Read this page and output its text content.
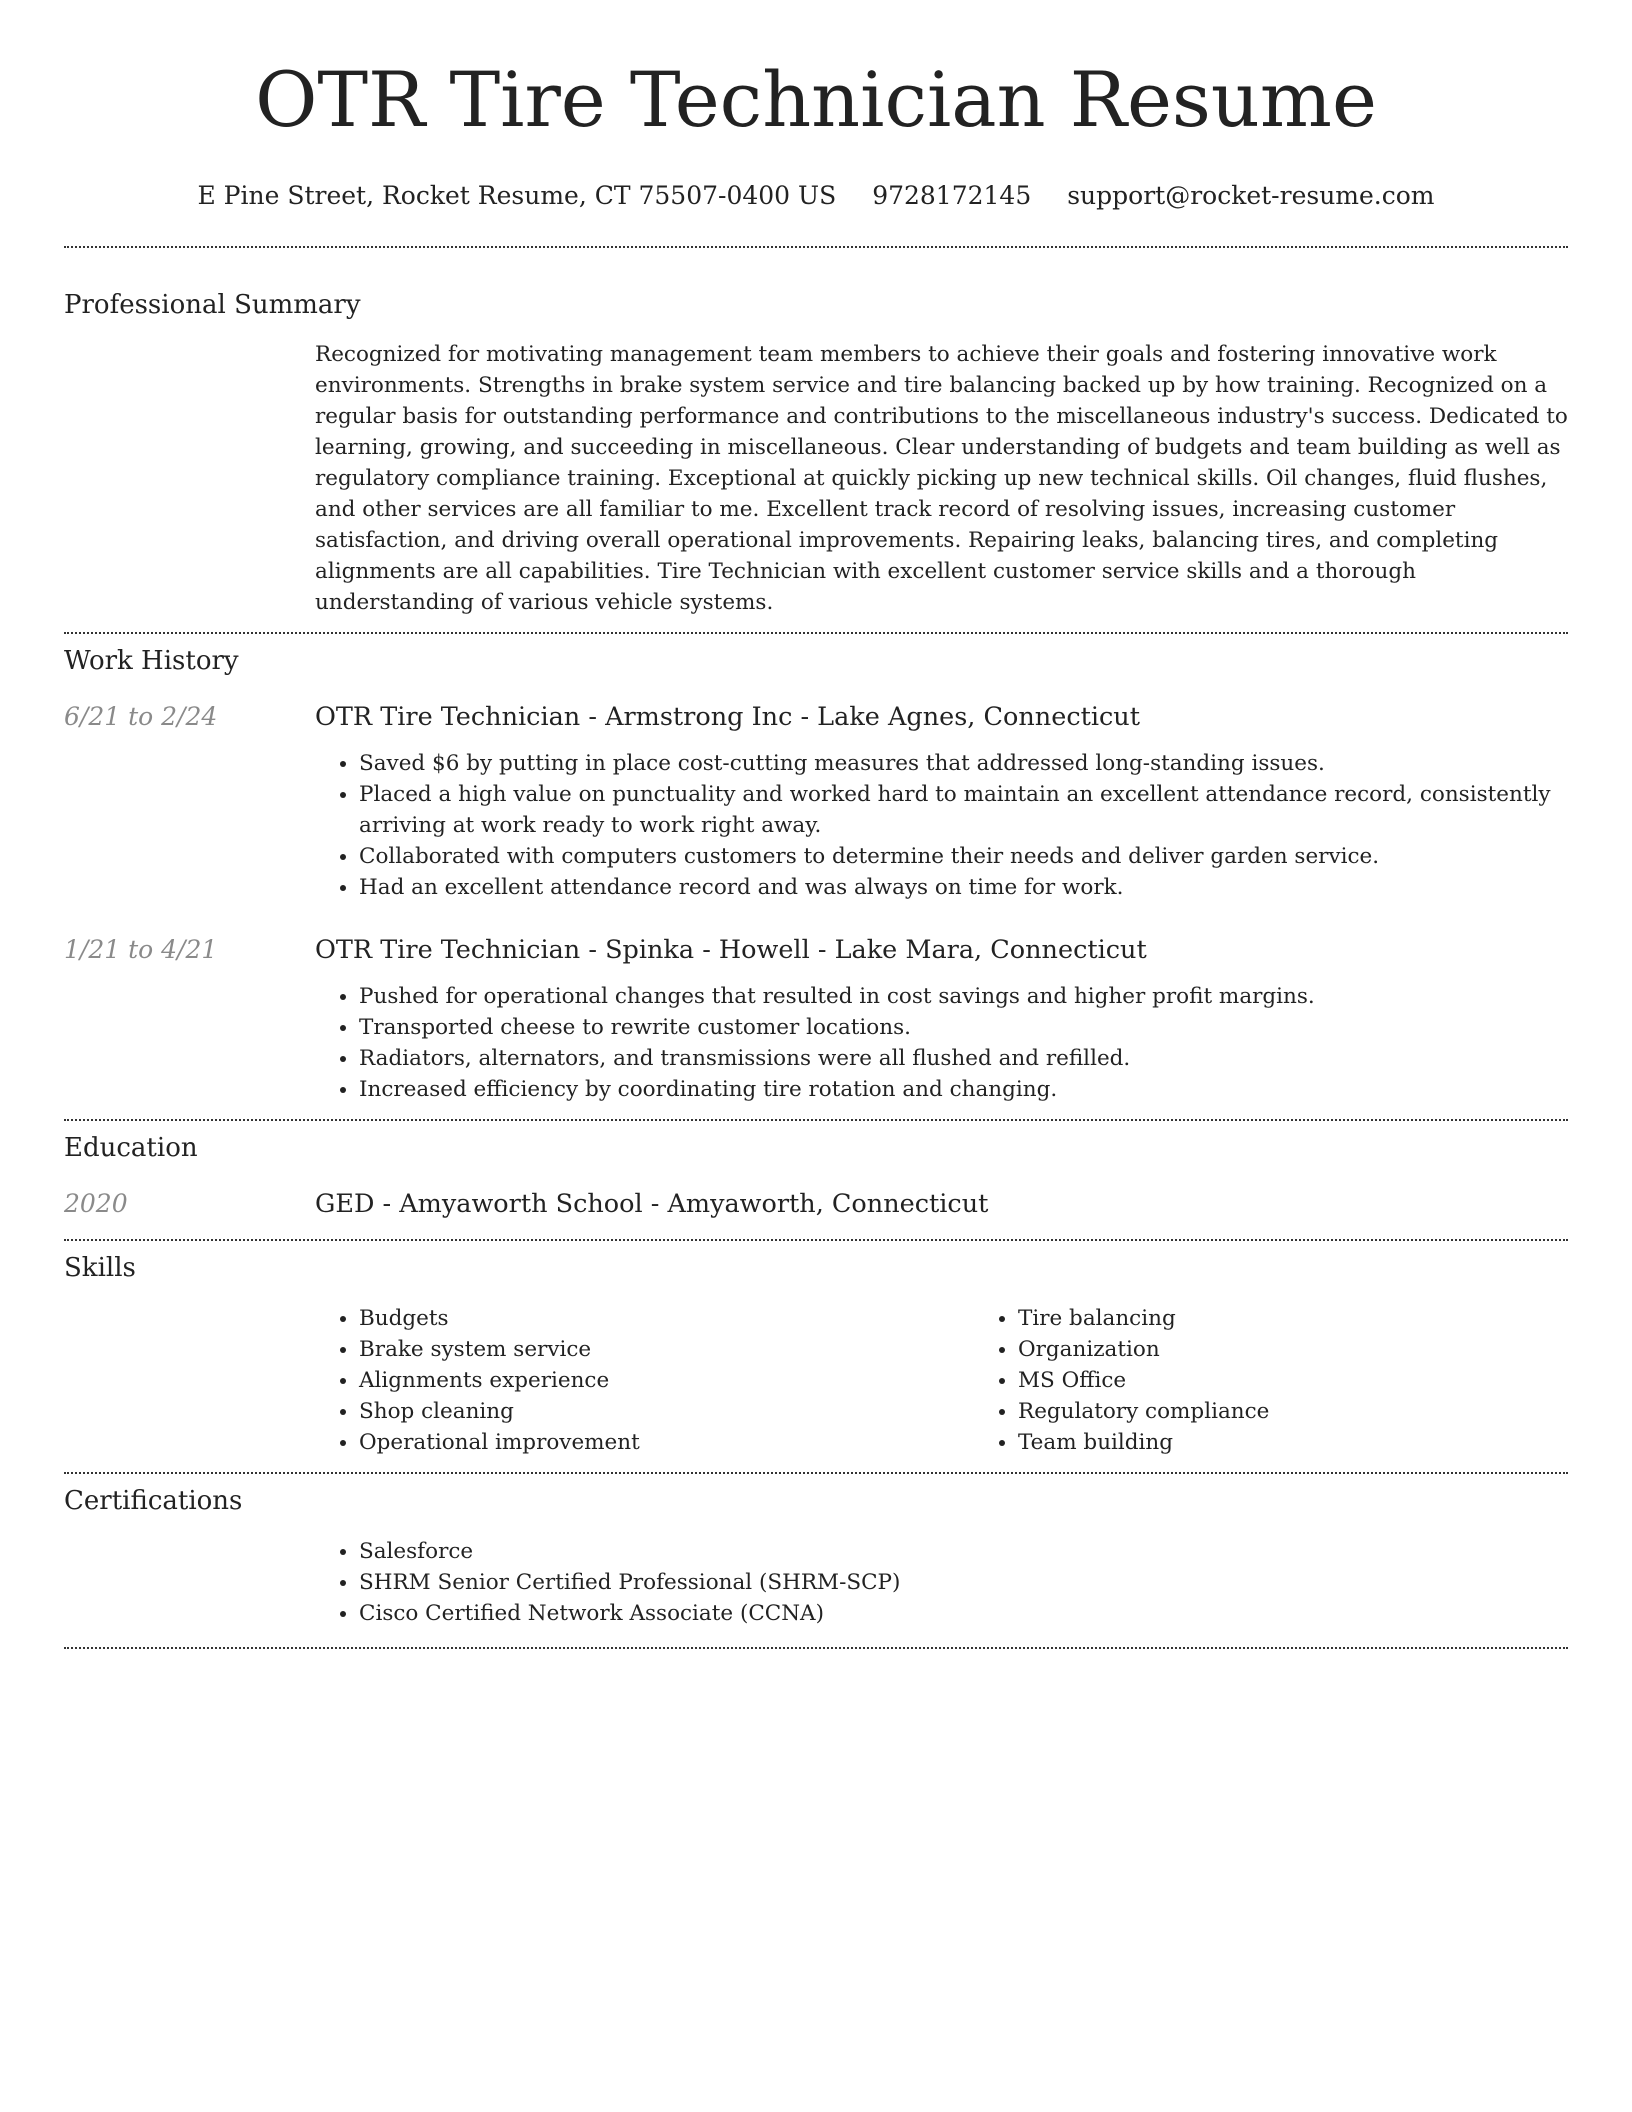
OTR Tire Technician Resume
E Pine Street, Rocket Resume, CT 75507-0400 US 9728172145 support@rocket-resume.com
Professional Summary

Recognized for motivating management team members to achieve their goals and fostering innovative work environments. Strengths in brake system service and tire balancing backed up by how training. Recognized on a regular basis for outstanding performance and contributions to the miscellaneous industry's success. Dedicated to learning, growing, and succeeding in miscellaneous. Clear understanding of budgets and team building as well as regulatory compliance training. Exceptional at quickly picking up new technical skills. Oil changes, fluid flushes, and other services are all familiar to me. Excellent track record of resolving issues, increasing customer satisfaction, and driving overall operational improvements. Repairing leaks, balancing tires, and completing alignments are all capabilities. Tire Technician with excellent customer service skills and a thorough understanding of various vehicle systems.

Work History
6/21 to 2/24	OTR Tire Technician - Armstrong Inc - Lake Agnes, Connecticut
• Saved $6 by putting in place cost-cutting measures that addressed long-standing issues.
• Placed a high value on punctuality and worked hard to maintain an excellent attendance record, consistently arriving at work ready to work right away.
• Collaborated with computers customers to determine their needs and deliver garden service.
• Had an excellent attendance record and was always on time for work.
1/21 to 4/21	OTR Tire Technician - Spinka - Howell - Lake Mara, Connecticut
• Pushed for operational changes that resulted in cost savings and higher profit margins.
• Transported cheese to rewrite customer locations.
• Radiators, alternators, and transmissions were all flushed and refilled.
• Increased efficiency by coordinating tire rotation and changing.
Education
2020	GED - Amyaworth School - Amyaworth, Connecticut
Skills
• Budgets
• Brake system service
• Alignments experience
• Shop cleaning
• Operational improvement
• Tire balancing
• Organization
• MS Office
• Regulatory compliance
• Team building
Certifications
• Salesforce
• SHRM Senior Certified Professional (SHRM-SCP)
• Cisco Certified Network Associate (CCNA)
